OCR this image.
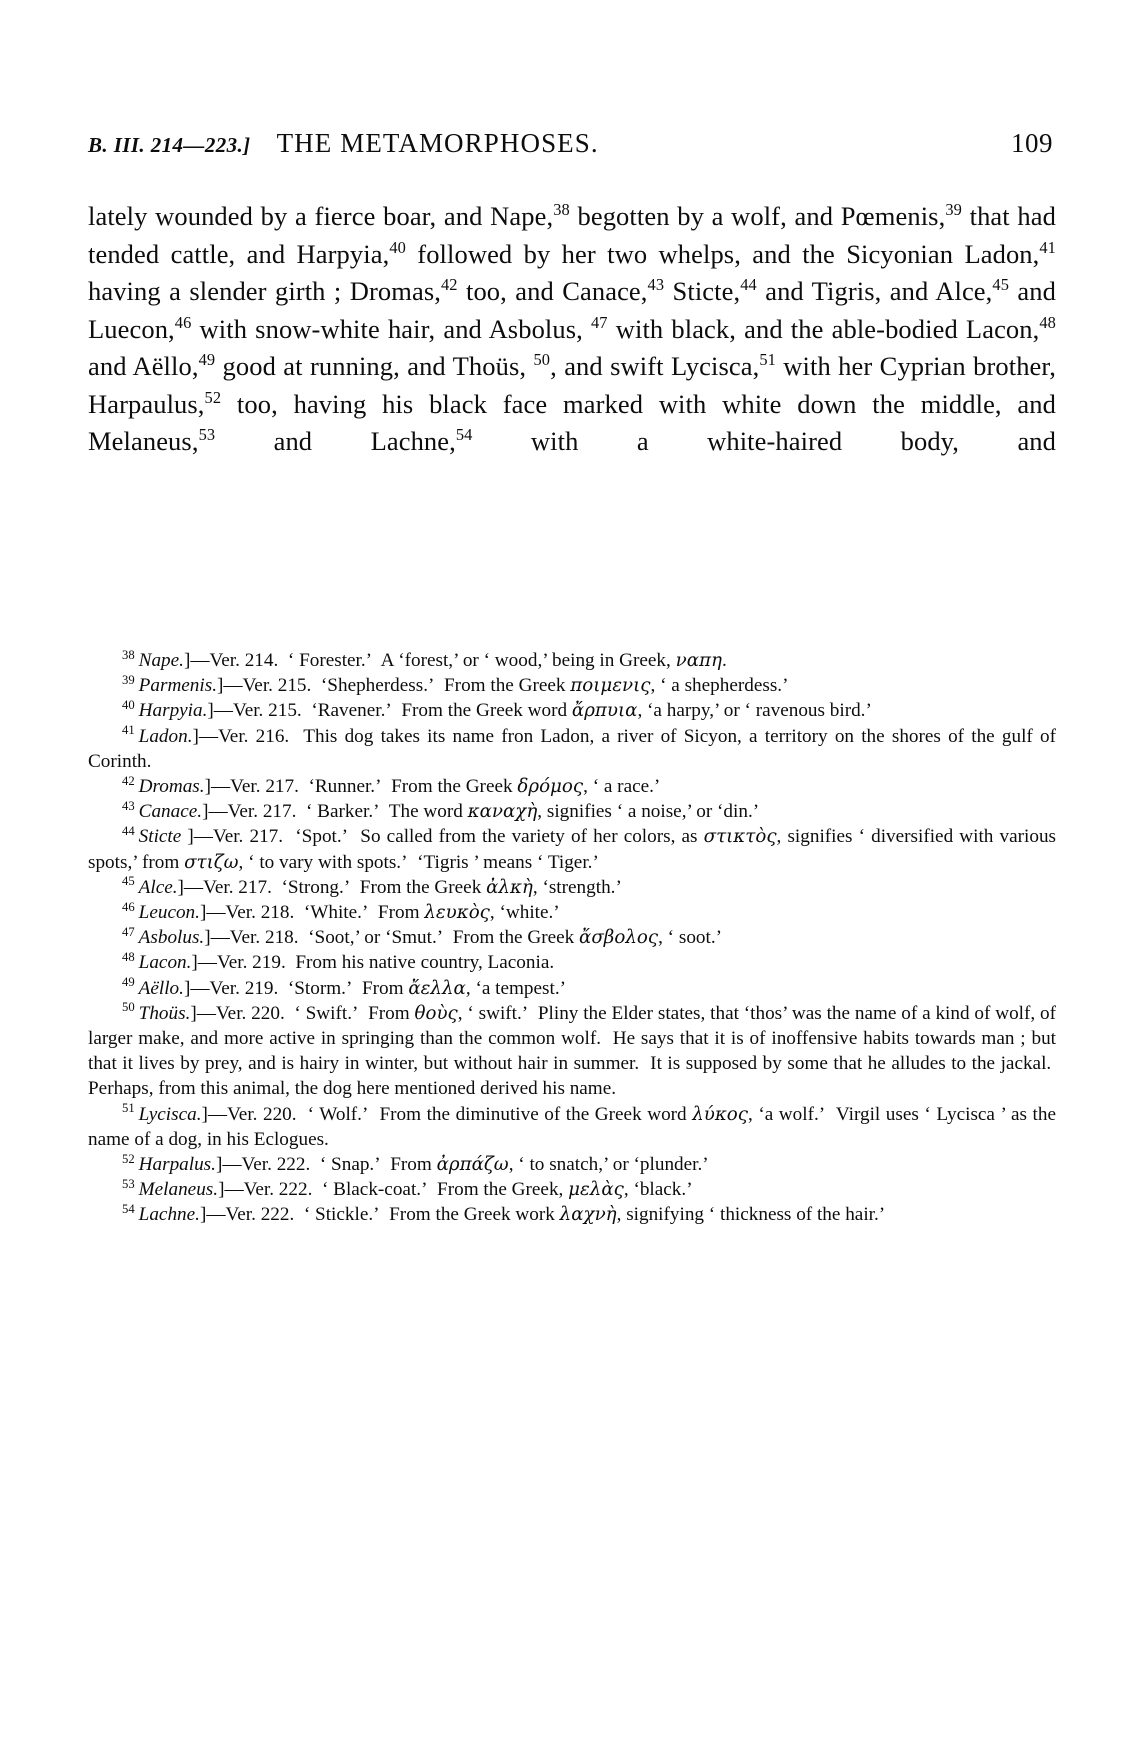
B. III. 214—223.] THE METAMORPHOSES.	109

lately wounded by a fierce boar, and Nape,$^{38}$ begotten by a wolf, and Pœmenis,$^{39}$ that had tended cattle, and Harpyia,$^{40}$ followed by her two whelps, and the Sicyonian Ladon,$^{41}$ having a slender girth ; Dromas,$^{42}$ too, and Canace,$^{43}$ Sticte,$^{44}$ and Tigris, and Alce,$^{45}$ and Luecon,$^{46}$ with snow-white hair, and Asbolus, $^{47}$ with black, and the able-bodied Lacon,$^{48}$ and Aëllo,$^{49}$ good at running, and Thoüs, $^{50}$, and swift Lycisca,$^{51}$ with her Cyprian brother, Harpaulus,$^{52}$ too, having his black face marked with white down the middle, and Melaneus,$^{53}$ and Lachne,$^{54}$ with a white-haired body, and

$^{38}$ Nape.]—Ver. 214.  ‘ Forester.’  A ‘forest,’ or ‘ wood,’ being in Greek, ναπη.

$^{39}$ Parmenis.]—Ver. 215.  ‘Shepherdess.’  From the Greek ποιμενις, ‘ a shepherdess.’

$^{40}$ Harpyia.]—Ver. 215.  ‘Ravener.’  From the Greek word ἄρπυια, ‘a harpy,’ or ‘ ravenous bird.’

$^{41}$ Ladon.]—Ver. 216.  This dog takes its name fron Ladon, a river of Sicyon, a territory on the shores of the gulf of Corinth.

$^{42}$ Dromas.]—Ver. 217.  ‘Runner.’  From the Greek δρóμος, ‘ a race.’

$^{43}$ Canace.]—Ver. 217.  ‘ Barker.’  The word καναχὴ, signifies ‘ a noise,’ or ‘din.’

$^{44}$ Sticte ]—Ver. 217.  ‘Spot.’  So called from the variety of her colors, as στικτὸς, signifies ‘ diversified with various spots,’ from στιζω, ‘ to vary with spots.’  ‘Tigris ’ means ‘ Tiger.’

$^{45}$ Alce.]—Ver. 217.  ‘Strong.’  From the Greek ἀλκὴ, ‘strength.’

$^{46}$ Leucon.]—Ver. 218.  ‘White.’  From λευκὸς, ‘white.’

$^{47}$ Asbolus.]—Ver. 218.  ‘Soot,’ or ‘Smut.’  From the Greek ἄσβολος, ‘ soot.’

$^{48}$ Lacon.]—Ver. 219.  From his native country, Laconia.

$^{49}$ Aëllo.]—Ver. 219.  ‘Storm.’  From ἄελλα, ‘a tempest.’

$^{50}$ Thoüs.]—Ver. 220.  ‘ Swift.’  From θοὺς, ‘ swift.’  Pliny the Elder states, that ‘thos’ was the name of a kind of wolf, of larger make, and more active in springing than the common wolf.  He says that it is of inoffensive habits towards man ; but that it lives by prey, and is hairy in winter, but without hair in summer.  It is supposed by some that he alludes to the jackal.  Perhaps, from this animal, the dog here mentioned derived his name.

$^{51}$ Lycisca.]—Ver. 220.  ‘ Wolf.’  From the diminutive of the Greek word λύκος, ‘a wolf.’  Virgil uses ‘ Lycisca ’ as the name of a dog, in his Eclogues.

$^{52}$ Harpalus.]—Ver. 222.  ‘ Snap.’  From ἀρπάζω, ‘ to snatch,’ or ‘plunder.’

$^{53}$ Melaneus.]—Ver. 222.  ‘ Black-coat.’  From the Greek, μελὰς, ‘black.’

$^{54}$ Lachne.]—Ver. 222.  ‘ Stickle.’  From the Greek work λαχνὴ, signifying ‘ thickness of the hair.’
